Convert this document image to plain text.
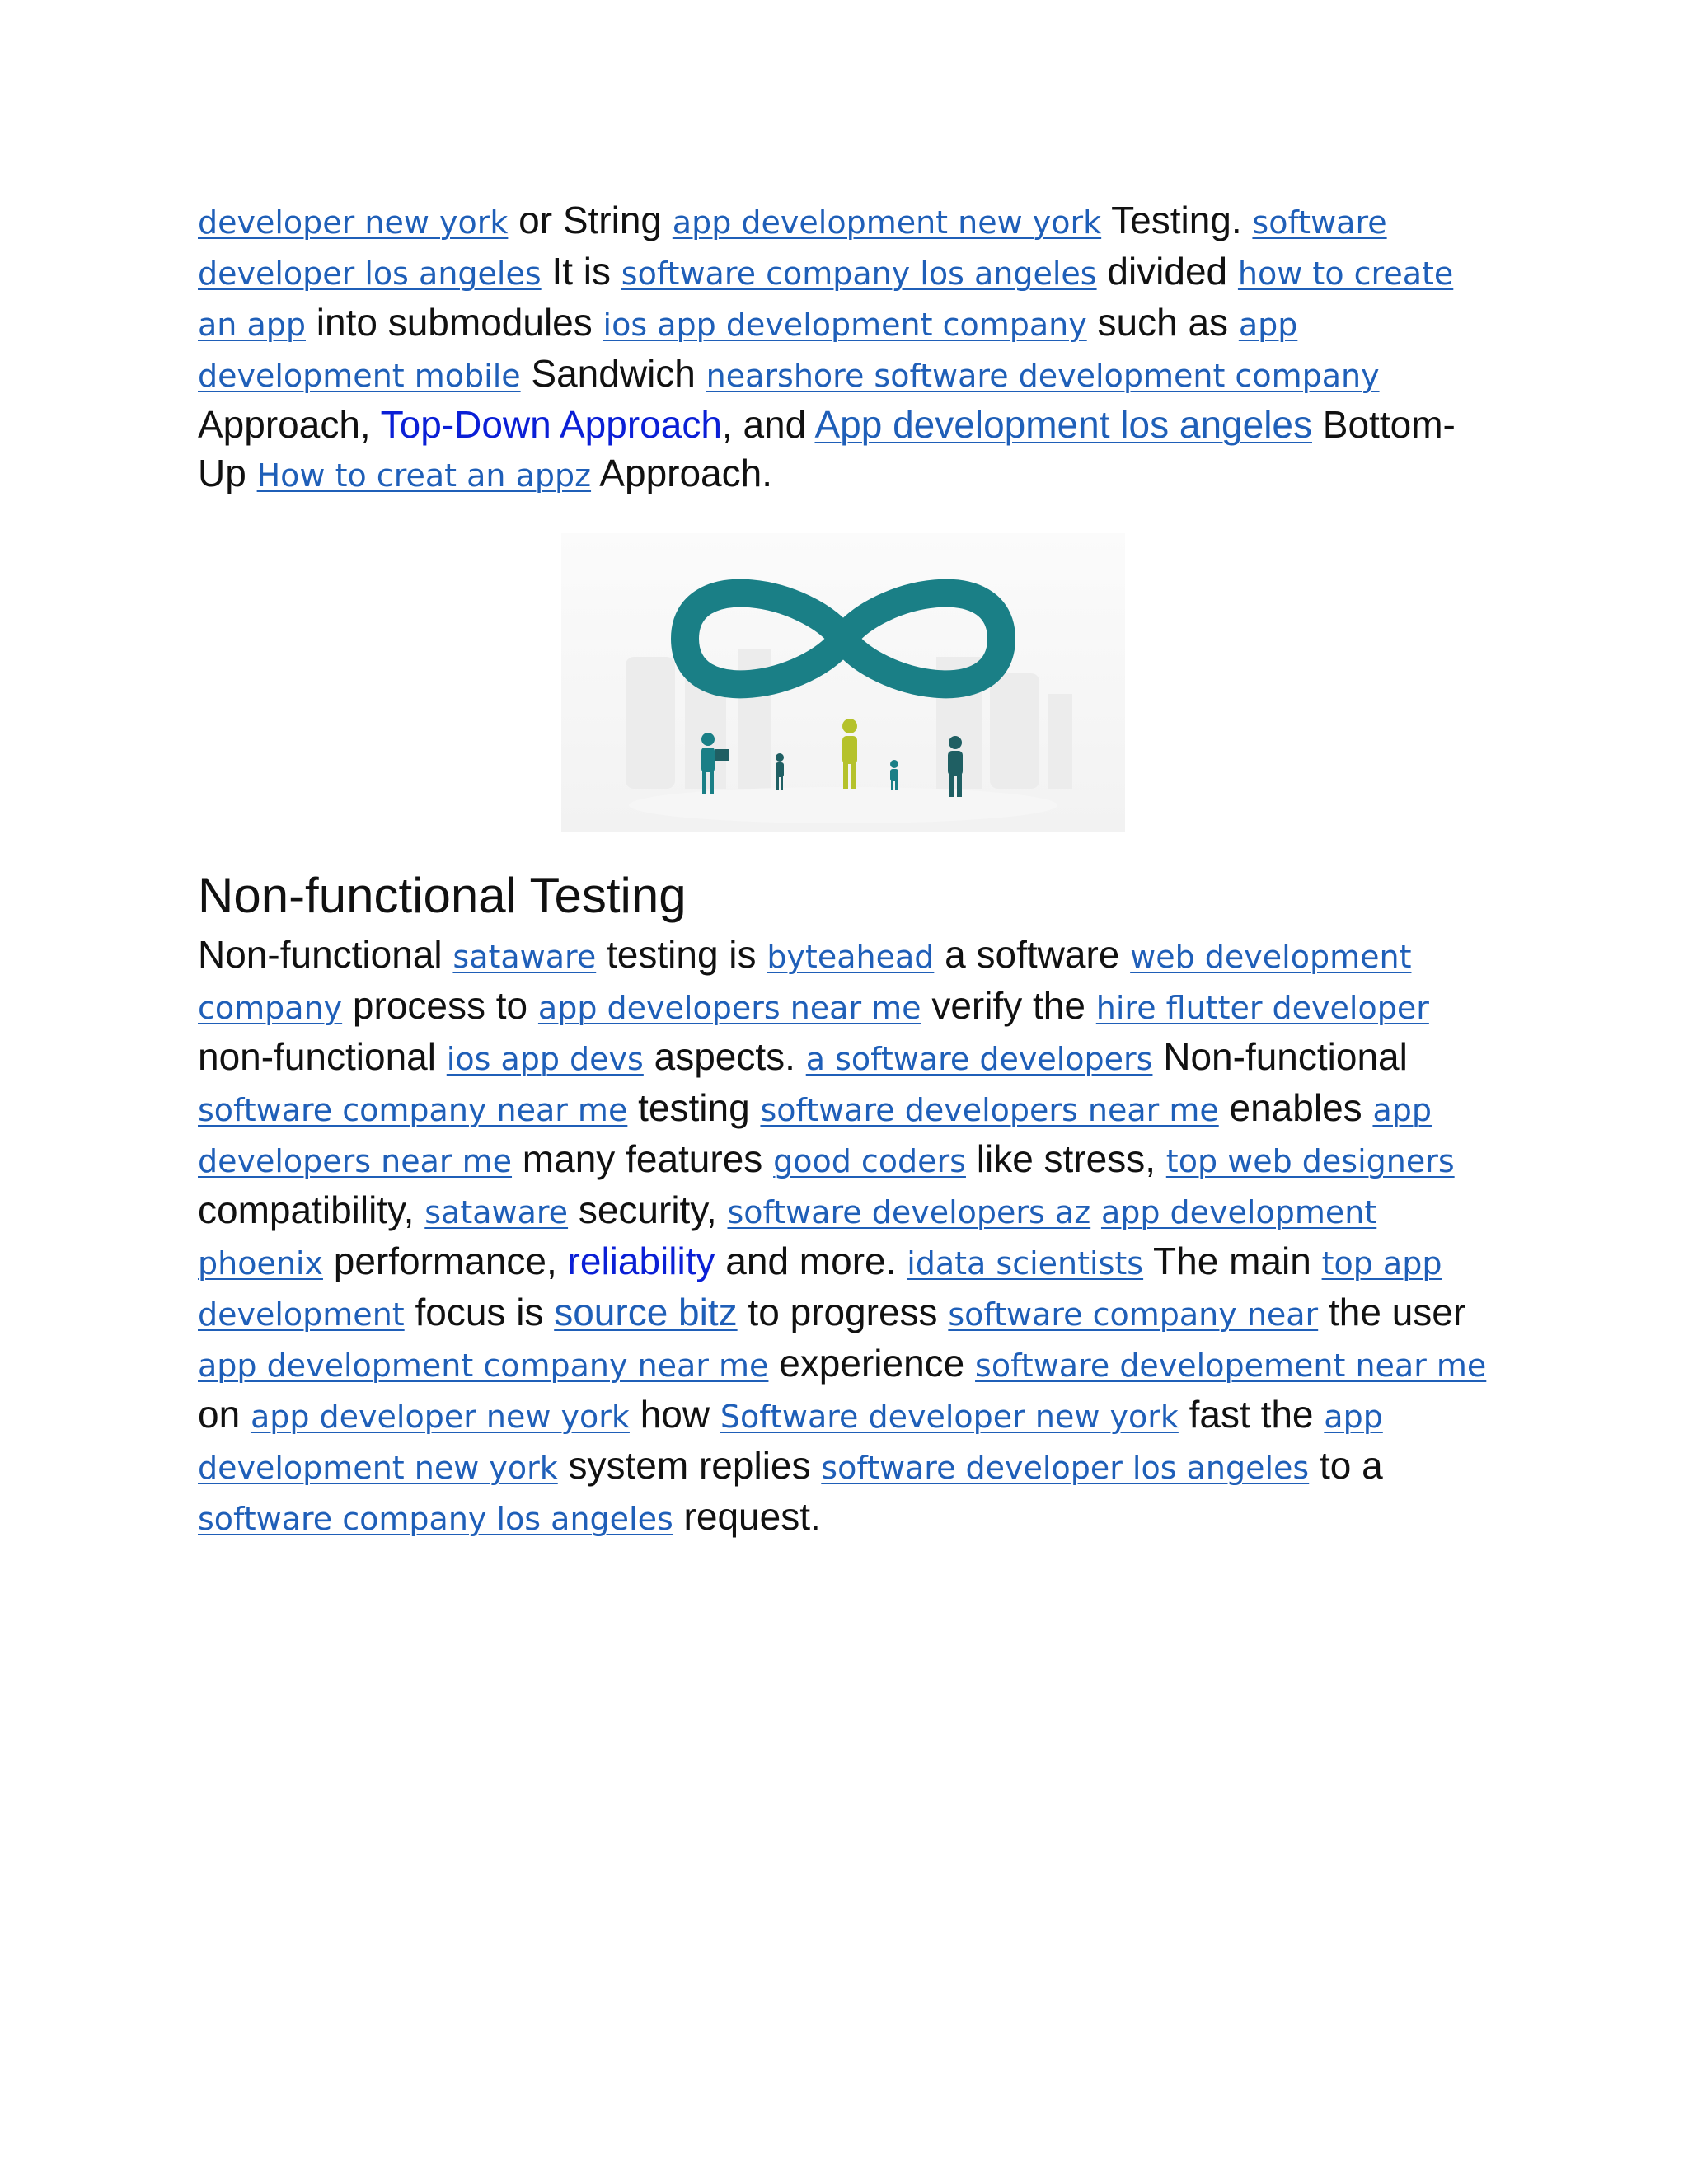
developer new york or String app development new york Testing. software developer los angeles It is software company los angeles divided how to create an app into submodules ios app development company such as app development mobile Sandwich nearshore software development company Approach, Top-Down Approach, and App development los angeles Bottom-Up How to creat an appz Approach.

Non-functional Testing

Non-functional sataware testing is byteahead a software web development company process to app developers near me verify the hire flutter developer non-functional ios app devs aspects. a software developers Non-functional software company near me testing software developers near me enables app developers near me many features good coders like stress, top web designers compatibility, sataware security, software developers az app development phoenix performance, reliability and more. idata scientists The main top app development focus is source bitz to progress software company near the user app development company near me experience software developement near me on app developer new york how Software developer new york fast the app development new york system replies software developer los angeles to a software company los angeles request.
